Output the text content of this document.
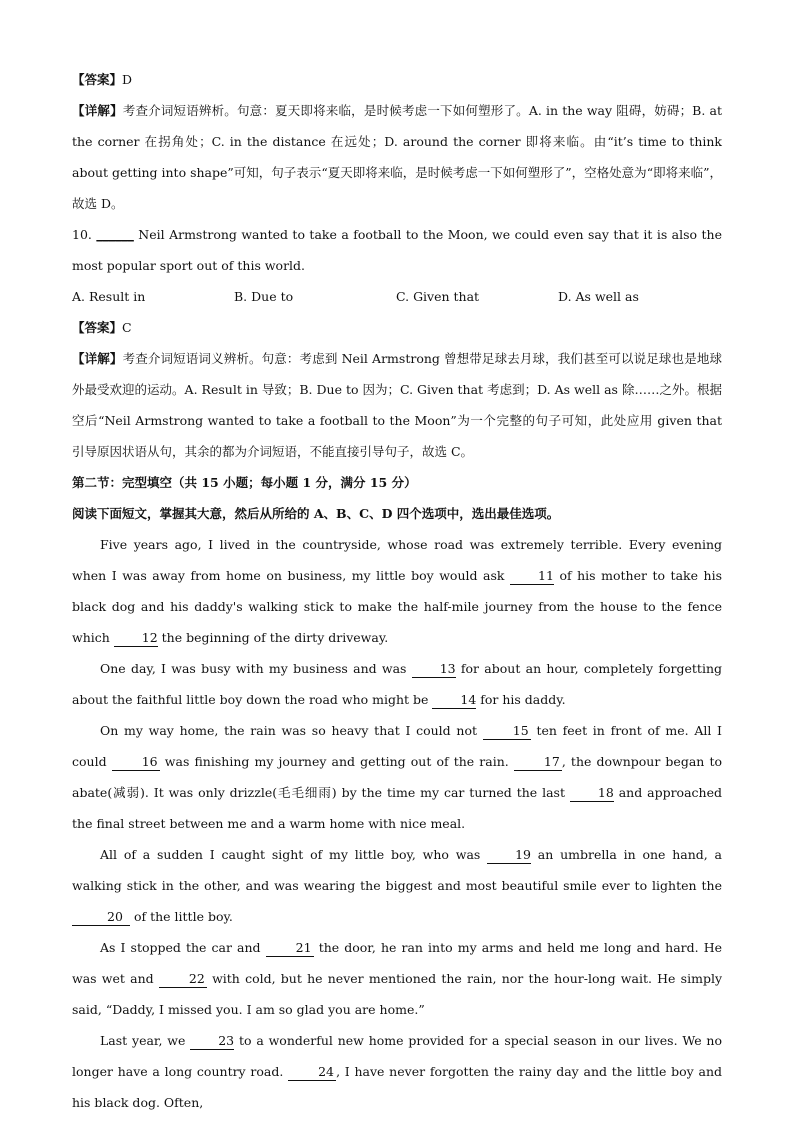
【答案】D

【详解】考查介词短语辨析。句意：夏天即将来临，是时候考虑一下如何塑形了。A. in the way 阻碍，妨碍；B. at the corner 在拐角处；C. in the distance 在远处；D. around the corner 即将来临。由“it’s time to think about getting into shape”可知，句子表示“夏天即将来临，是时候考虑一下如何塑形了”，空格处意为“即将来临”，故选 D。

10. ______ Neil Armstrong wanted to take a football to the Moon, we could even say that it is also the most popular sport out of this world.

A. Result in	B. Due to	C. Given that	D. As well as

【答案】C

【详解】考查介词短语词义辨析。句意：考虑到 Neil Armstrong 曾想带足球去月球，我们甚至可以说足球也是地球外最受欢迎的运动。A. Result in 导致；B. Due to 因为；C. Given that 考虑到；D. As well as 除……之外。根据空后“Neil Armstrong wanted to take a football to the Moon”为一个完整的句子可知，此处应用 given that 引导原因状语从句，其余的都为介词短语，不能直接引导句子，故选 C。

第二节：完型填空（共 15 小题；每小题 1 分，满分 15 分）

阅读下面短文，掌握其大意，然后从所给的 A、B、C、D 四个选项中，选出最佳选项。

Five years ago, I lived in the countryside, whose road was extremely terrible. Every evening when I was away from home on business, my little boy would ask 11 of his mother to take his black dog and his daddy's walking stick to make the half-mile journey from the house to the fence which 12 the beginning of the dirty driveway.

One day, I was busy with my business and was 13 for about an hour, completely forgetting about the faithful little boy down the road who might be 14 for his daddy.

On my way home, the rain was so heavy that I could not 15 ten feet in front of me. All I could 16 was finishing my journey and getting out of the rain. 17 , the downpour began to abate(减弱). It was only drizzle(毛毛细雨) by the time my car turned the last 18 and approached the final street between me and a warm home with nice meal.

All of a sudden I caught sight of my little boy, who was 19 an umbrella in one hand, a walking stick in the other, and was wearing the biggest and most beautiful smile ever to lighten the 20 of the little boy.

As I stopped the car and 21 the door, he ran into my arms and held me long and hard. He was wet and 22 with cold, but he never mentioned the rain, nor the hour-long wait. He simply said, “Daddy, I missed you. I am so glad you are home.”

Last year, we 23 to a wonderful new home provided for a special season in our lives. We no longer have a long country road. 24 , I have never forgotten the rainy day and the little boy and his black dog. Often,
